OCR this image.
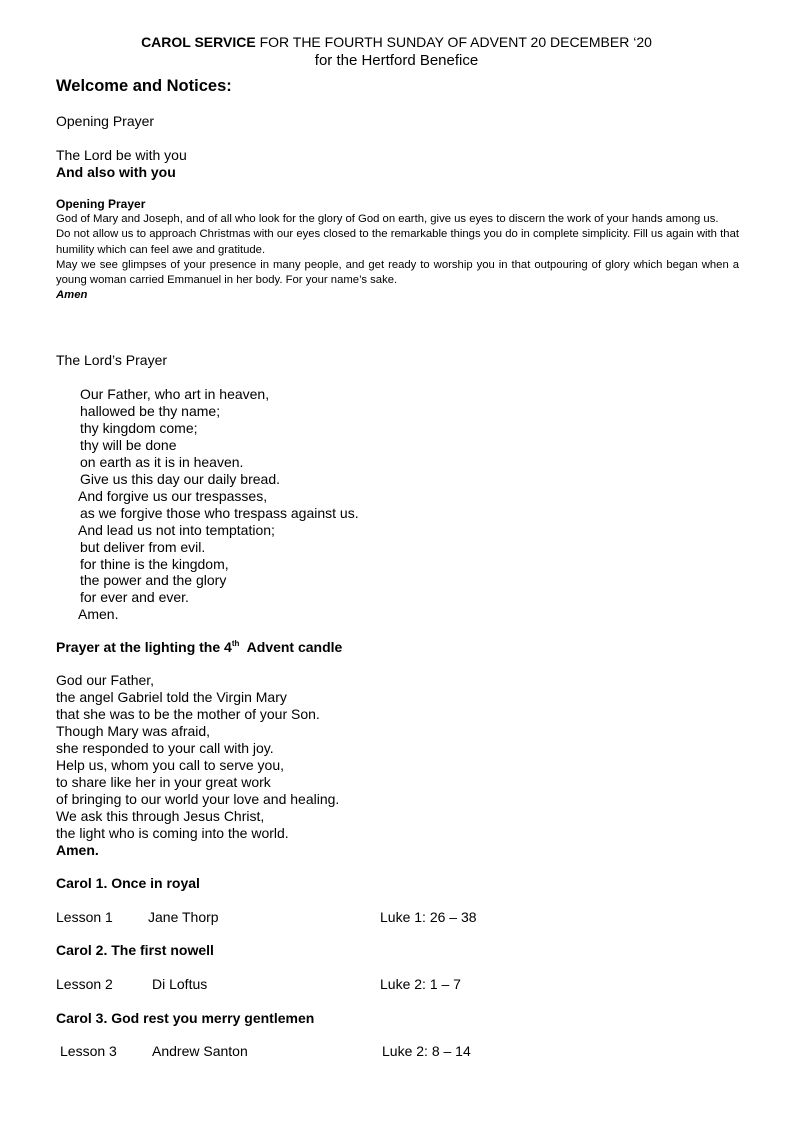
CAROL SERVICE FOR THE FOURTH SUNDAY OF ADVENT 20 DECEMBER ‘20
for the Hertford Benefice
Welcome and Notices:
Opening Prayer
The Lord be with you
And also with you

Opening Prayer

God of Mary and Joseph, and of all who look for the glory of God on earth, give us eyes to discern the work of your hands among us.

Do not allow us to approach Christmas with our eyes closed to the remarkable things you do in complete simplicity. Fill us again with that humility which can feel awe and gratitude.

May we see glimpses of your presence in many people, and get ready to worship you in that outpouring of glory which began when a young woman carried Emmanuel in her body. For your name’s sake.

Amen

The Lord’s Prayer
Our Father, who art in heaven,
hallowed be thy name;
thy kingdom come;
thy will be done
on earth as it is in heaven.
Give us this day our daily bread.
And forgive us our trespasses,
as we forgive those who trespass against us.
And lead us not into temptation;
but deliver from evil.
for thine is the kingdom,
the power and the glory
for ever and ever.
Amen.
Prayer at the lighting the 4th  Advent candle
God our Father,
the angel Gabriel told the Virgin Mary
that she was to be the mother of your Son.
Though Mary was afraid,
she responded to your call with joy.
Help us, whom you call to serve you,
to share like her in your great work
of bringing to our world your love and healing.
We ask this through Jesus Christ,
the light who is coming into the world.
Amen.
Carol 1. Once in royal
Lesson 1	Jane Thorp	Luke 1: 26 – 38
Carol 2. The first nowell
Lesson 2	Di Loftus	Luke 2: 1 – 7
Carol 3. God rest you merry gentlemen
Lesson 3	Andrew Santon	Luke 2: 8 – 14
